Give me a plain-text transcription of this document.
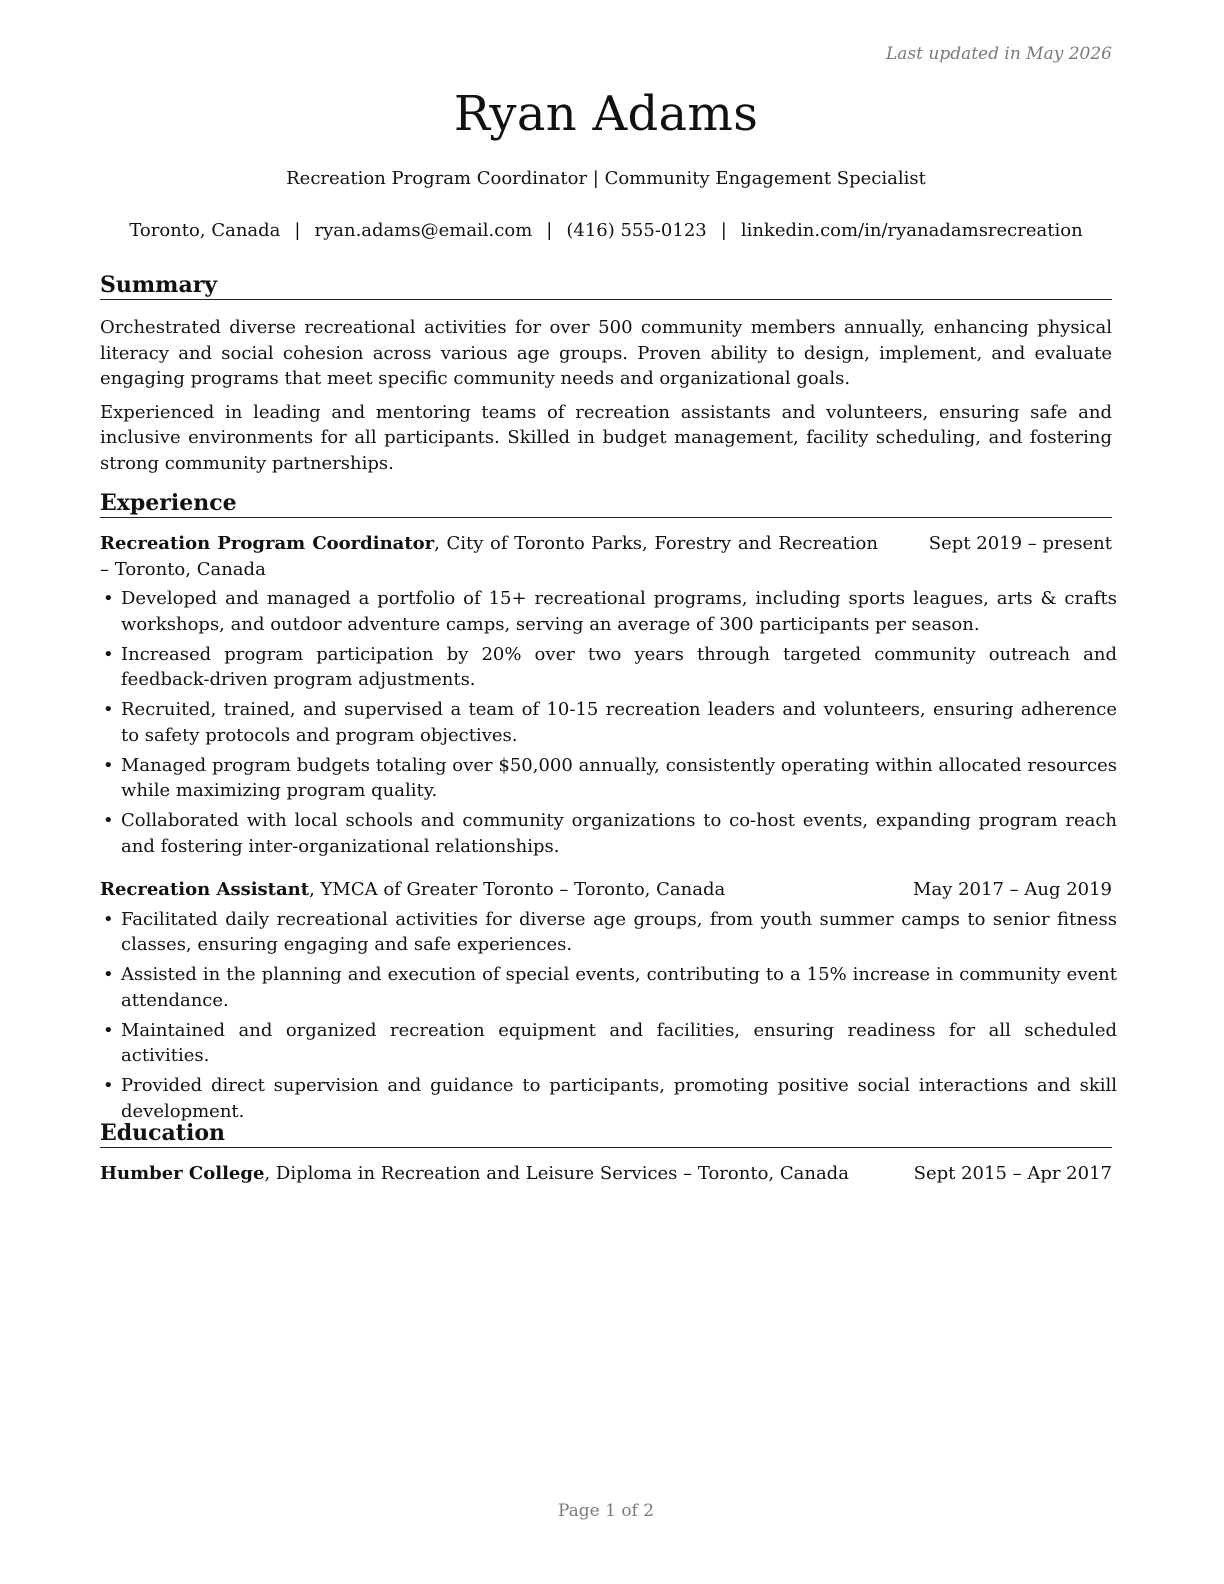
Last updated in May 2026
Ryan Adams
Recreation Program Coordinator | Community Engagement Specialist
Toronto, Canada | ryan.adams@email.com | (416) 555-0123 | linkedin.com/in/ryanadamsrecreation
Summary

Orchestrated diverse recreational activities for over 500 community members annually, enhancing physical literacy and social cohesion across various age groups. Proven ability to design, implement, and evaluate engaging programs that meet specific community needs and organizational goals.

Experienced in leading and mentoring teams of recreation assistants and volunteers, ensuring safe and inclusive environments for all participants. Skilled in budget management, facility scheduling, and fostering strong community partnerships.

Experience
Recreation Program Coordinator, City of Toronto Parks, Forestry and Recreation – Toronto, Canada
Sept 2019 – present
• Developed and managed a portfolio of 15+ recreational programs, including sports leagues, arts & crafts workshops, and outdoor adventure camps, serving an average of 300 participants per season.
• Increased program participation by 20% over two years through targeted community outreach and feedback-driven program adjustments.
• Recruited, trained, and supervised a team of 10-15 recreation leaders and volunteers, ensuring adherence to safety protocols and program objectives.
• Managed program budgets totaling over $50,000 annually, consistently operating within allocated resources while maximizing program quality.
• Collaborated with local schools and community organizations to co-host events, expanding program reach and fostering inter-organizational relationships.
Recreation Assistant, YMCA of Greater Toronto – Toronto, Canada	May 2017 – Aug 2019
• Facilitated daily recreational activities for diverse age groups, from youth summer camps to senior fitness classes, ensuring engaging and safe experiences.
• Assisted in the planning and execution of special events, contributing to a 15% increase in community event attendance.
• Maintained and organized recreation equipment and facilities, ensuring readiness for all scheduled activities.
• Provided direct supervision and guidance to participants, promoting positive social interactions and skill development.
Education
Humber College, Diploma in Recreation and Leisure Services – Toronto, Canada	Sept 2015 – Apr 2017
Page 1 of 2
